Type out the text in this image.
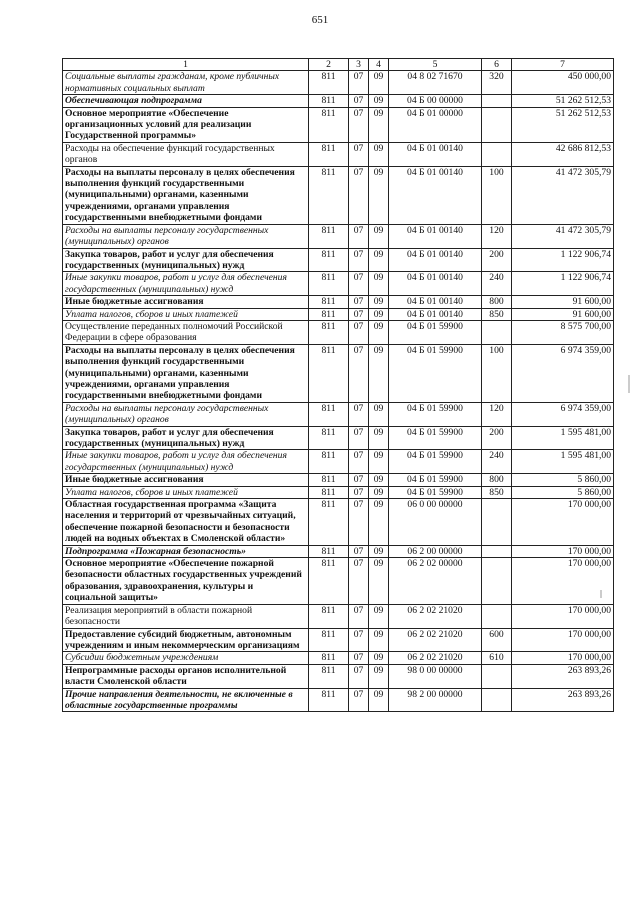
651
1	2	3	4	5	6	7
Социальные выплаты гражданам, кроме публичных нормативных социальных выплат	811	07	09	04 8 02 71670	320	450 000,00
Обеспечивающая подпрограмма	811	07	09	04 Б 00 00000		51 262 512,53
Основное мероприятие «Обеспечение организационных условий для реализации Государственной программы»	811	07	09	04 Б 01 00000		51 262 512,53
Расходы на обеспечение функций государственных органов	811	07	09	04 Б 01 00140		42 686 812,53
Расходы на выплаты персоналу в целях обеспечения выполнения функций государственными (муниципальными) органами, казенными учреждениями, органами управления государственными внебюджетными фондами	811	07	09	04 Б 01 00140	100	41 472 305,79
Расходы на выплаты персоналу государственных (муниципальных) органов	811	07	09	04 Б 01 00140	120	41 472 305,79
Закупка товаров, работ и услуг для обеспечения государственных (муниципальных) нужд	811	07	09	04 Б 01 00140	200	1 122 906,74
Иные закупки товаров, работ и услуг для обеспечения государственных (муниципальных) нужд	811	07	09	04 Б 01 00140	240	1 122 906,74
Иные бюджетные ассигнования	811	07	09	04 Б 01 00140	800	91 600,00
Уплата налогов, сборов и иных платежей	811	07	09	04 Б 01 00140	850	91 600,00
Осуществление переданных полномочий Российской Федерации в сфере образования	811	07	09	04 Б 01 59900		8 575 700,00
Расходы на выплаты персоналу в целях обеспечения выполнения функций государственными (муниципальными) органами, казенными учреждениями, органами управления государственными внебюджетными фондами	811	07	09	04 Б 01 59900	100	6 974 359,00
Расходы на выплаты персоналу государственных (муниципальных) органов	811	07	09	04 Б 01 59900	120	6 974 359,00
Закупка товаров, работ и услуг для обеспечения государственных (муниципальных) нужд	811	07	09	04 Б 01 59900	200	1 595 481,00
Иные закупки товаров, работ и услуг для обеспечения государственных (муниципальных) нужд	811	07	09	04 Б 01 59900	240	1 595 481,00
Иные бюджетные ассигнования	811	07	09	04 Б 01 59900	800	5 860,00
Уплата налогов, сборов и иных платежей	811	07	09	04 Б 01 59900	850	5 860,00
Областная государственная программа «Защита населения и территорий от чрезвычайных ситуаций, обеспечение пожарной безопасности и безопасности людей на водных объектах в Смоленской области»	811	07	09	06 0 00 00000		170 000,00
Подпрограмма «Пожарная безопасность»	811	07	09	06 2 00 00000		170 000,00
Основное мероприятие «Обеспечение пожарной безопасности областных государственных учреждений образования, здравоохранения, культуры и социальной защиты»	811	07	09	06 2 02 00000		170 000,00
Реализация мероприятий в области пожарной безопасности	811	07	09	06 2 02 21020		170 000,00
Предоставление субсидий бюджетным, автономным учреждениям и иным некоммерческим организациям	811	07	09	06 2 02 21020	600	170 000,00
Субсидии бюджетным учреждениям	811	07	09	06 2 02 21020	610	170 000,00
Непрограммные расходы органов исполнительной власти Смоленской области	811	07	09	98 0 00 00000		263 893,26
Прочие направления деятельности, не включенные в областные государственные программы	811	07	09	98 2 00 00000		263 893,26
